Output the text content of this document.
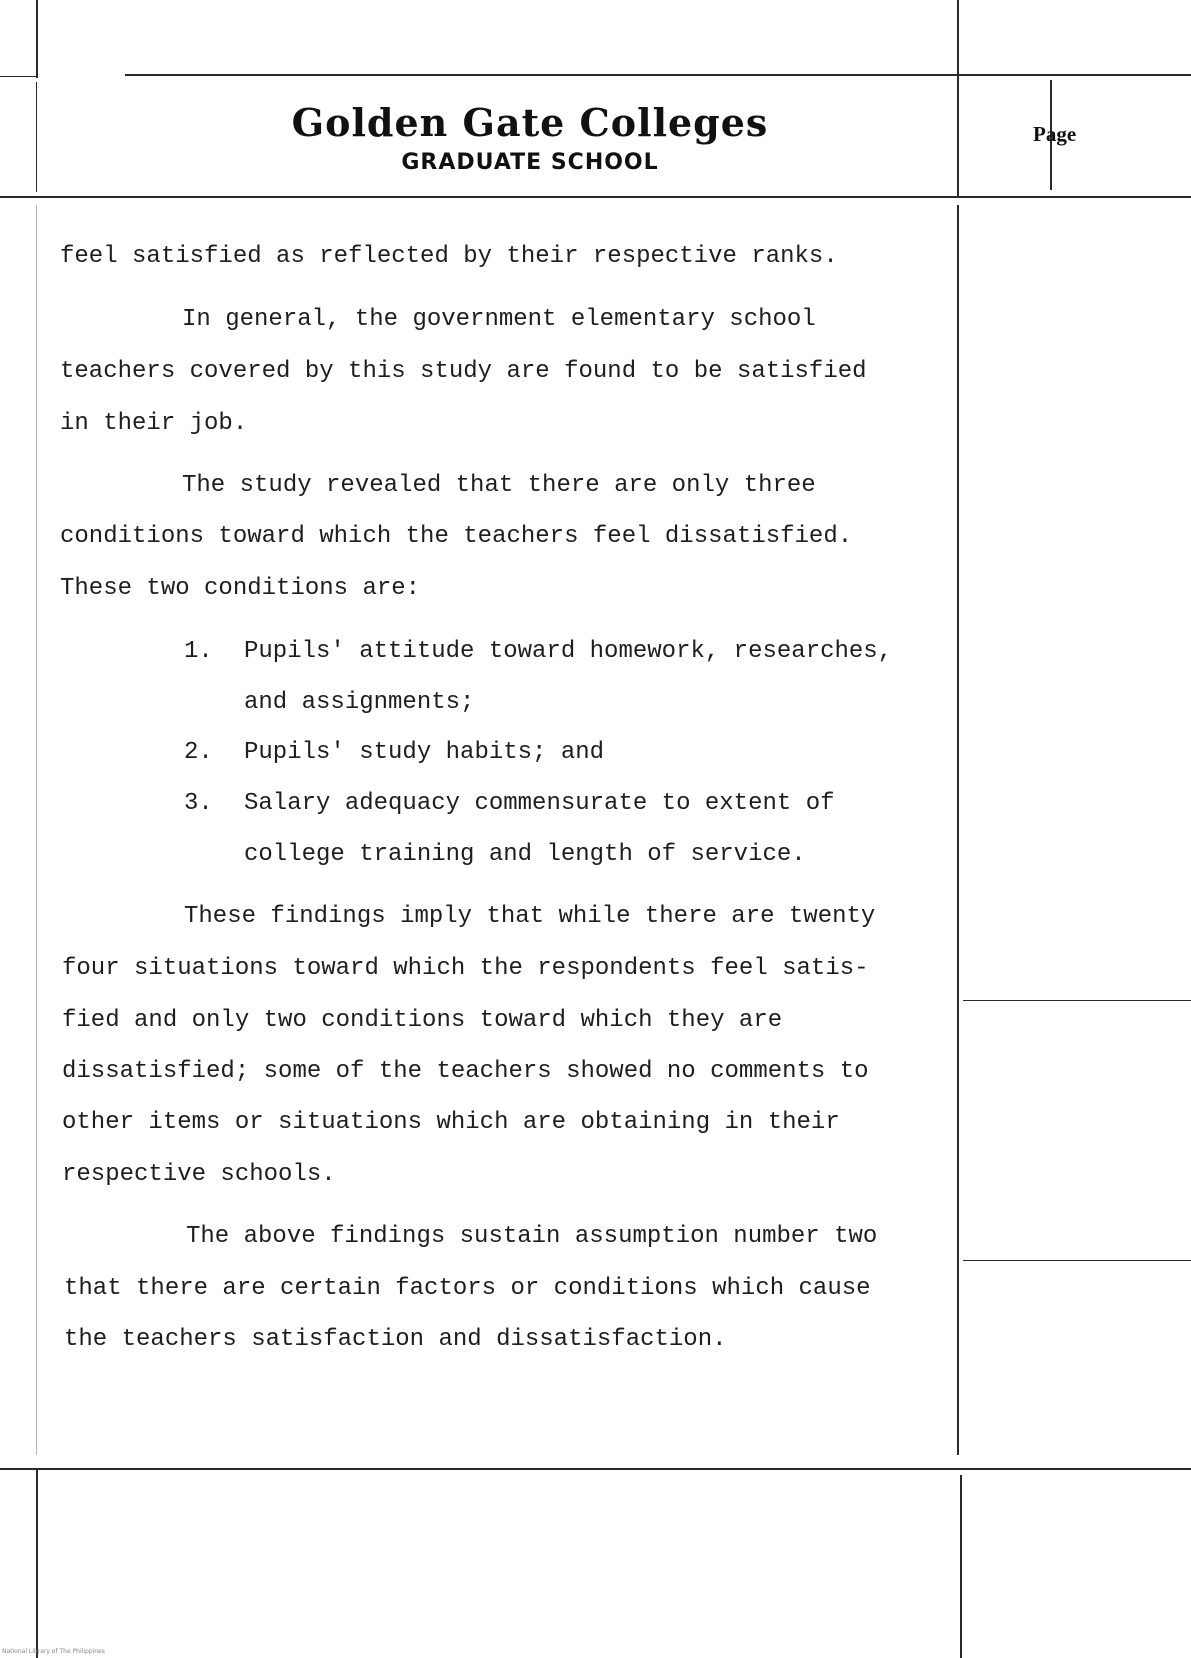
Golden Gate Colleges
GRADUATE SCHOOL
Page
feel satisfied as reflected by their respective ranks.
In general, the government elementary school
teachers covered by this study are found to be satisfied
in their job.
The study revealed that there are only three
conditions toward which the teachers feel dissatisfied.
These two conditions are:
1. Pupils' attitude toward homework, researches,
and assignments;
2. Pupils' study habits; and
3. Salary adequacy commensurate to extent of
college training and length of service.
These findings imply that while there are twenty
four situations toward which the respondents feel satis-
fied and only two conditions toward which they are
dissatisfied; some of the teachers showed no comments to
other items or situations which are obtaining in their
respective schools.
The above findings sustain assumption number two
that there are certain factors or conditions which cause
the teachers satisfaction and dissatisfaction.
National Library of The Philippines
